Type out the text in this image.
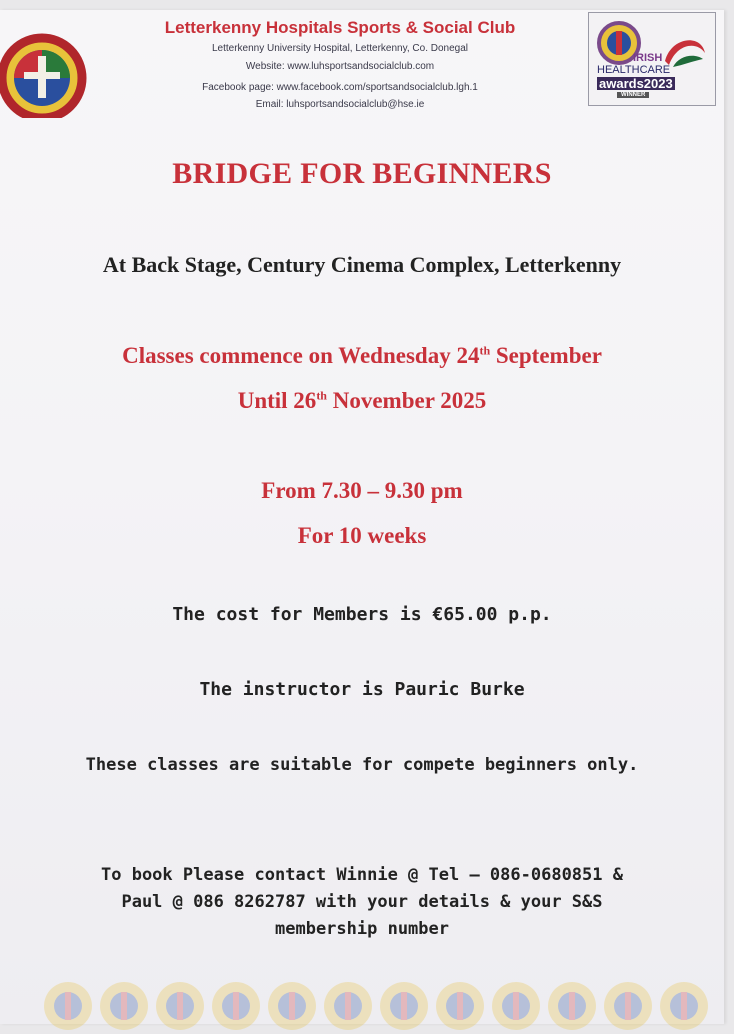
Letterkenny Hospitals Sports & Social Club
Letterkenny University Hospital, Letterkenny, Co. Donegal
Website: www.luhsportsandsocialclub.com
Facebook page: www.facebook.com/sportsandsocialclub.lgh.1
Email: luhsportsandsocialclub@hse.ie
IRISH
HEALTHCARE
awards2023
WINNER
BRIDGE FOR BEGINNERS
At Back Stage, Century Cinema Complex, Letterkenny
Classes commence on Wednesday 24th September
Until 26th November 2025
From 7.30 – 9.30 pm
For 10 weeks
The cost for Members is €65.00 p.p.
The instructor is Pauric Burke
These classes are suitable for compete beginners only.
To book Please contact Winnie @ Tel – 086-0680851 &
Paul @ 086 8262787 with your details & your S&S
membership number
